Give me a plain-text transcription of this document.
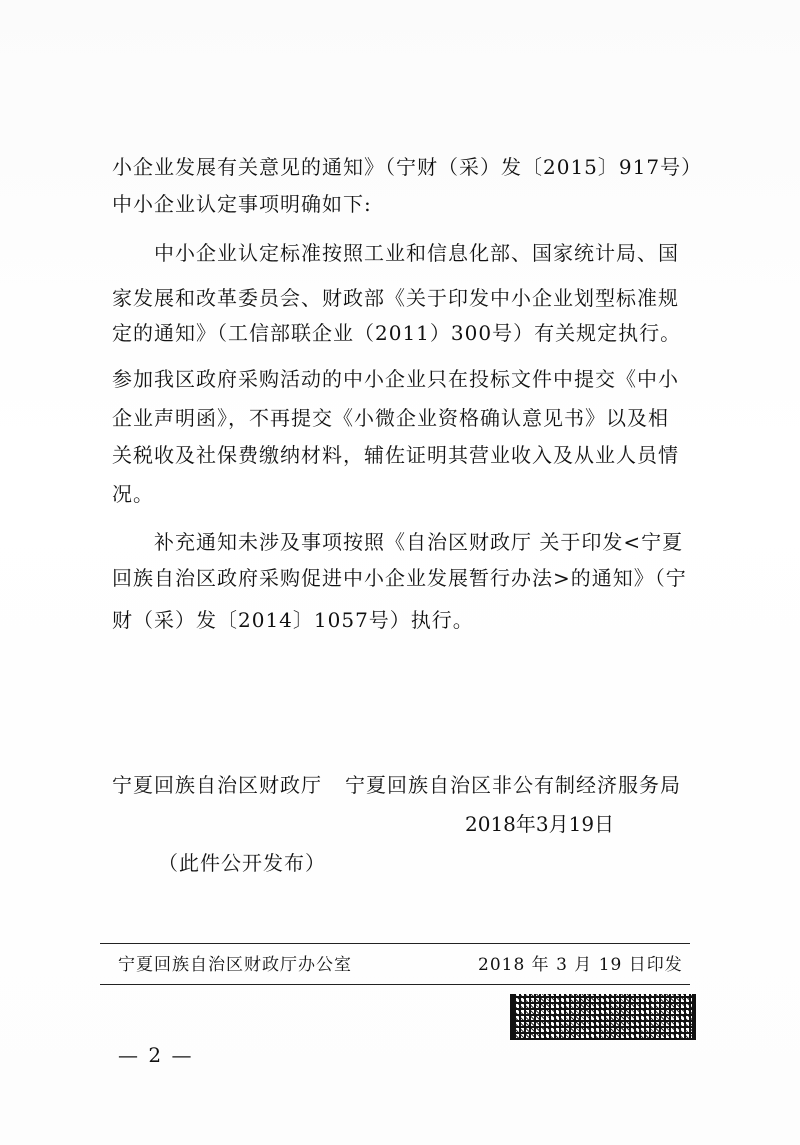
小企业发展有关意见的通知》（宁财（采）发〔2015〕917号）
中小企业认定事项明确如下:
中小企业认定标准按照工业和信息化部、国家统计局、国
家发展和改革委员会、财政部《关于印发中小企业划型标准规
定的通知》（工信部联企业（2011）300号）有关规定执行。
参加我区政府采购活动的中小企业只在投标文件中提交《中小
企业声明函》，不再提交《小微企业资格确认意见书》以及相
关税收及社保费缴纳材料，辅佐证明其营业收入及从业人员情
况。
补充通知未涉及事项按照《自治区财政厅 关于印发<宁夏
回族自治区政府采购促进中小企业发展暂行办法>的通知》（宁
财（采）发〔2014〕1057号）执行。
宁夏回族自治区财政厅 宁夏回族自治区非公有制经济服务局
2018年3月19日
（此件公开发布）
宁夏回族自治区财政厅办公室	2018 年 3 月 19 日印发
— 2 —
